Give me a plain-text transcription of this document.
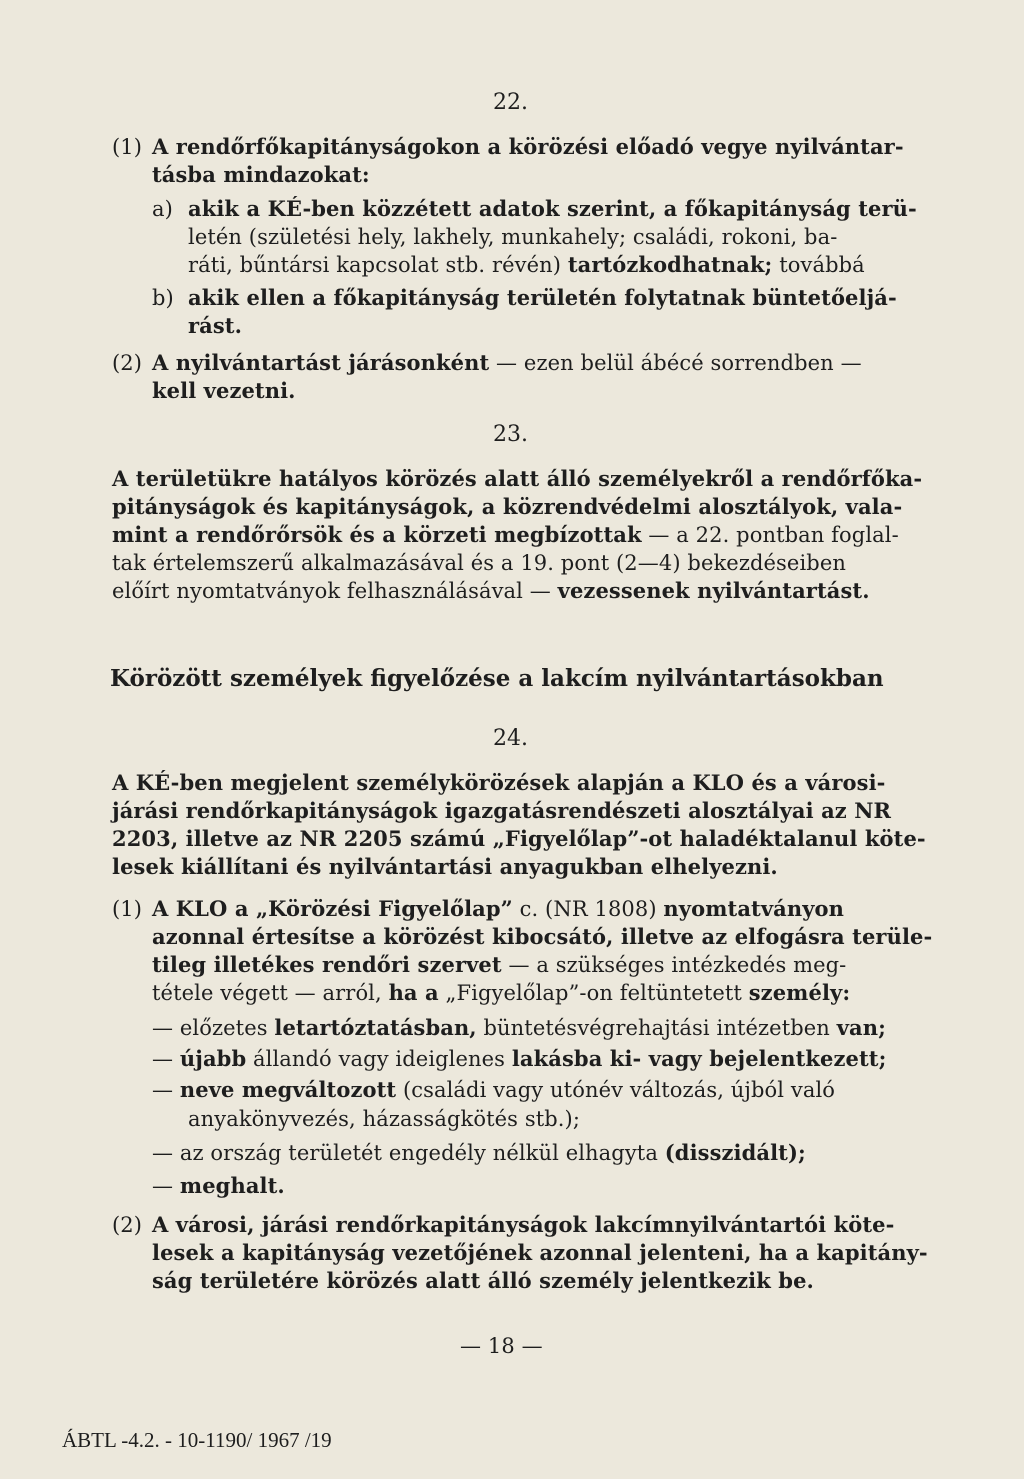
22.
(1) A rendőrfőkapitányságokon a körözési előadó vegye nyilvántar-
tásba mindazokat:
a) akik a KÉ-ben közzétett adatok szerint, a főkapitányság terü-
letén (születési hely, lakhely, munkahely; családi, rokoni, ba-
ráti, bűntársi kapcsolat stb. révén) tartózkodhatnak; továbbá
b) akik ellen a főkapitányság területén folytatnak büntetőeljá-
rást.
(2) A nyilvántartást járásonként — ezen belül ábécé sorrendben —
kell vezetni.
23.
A területükre hatályos körözés alatt álló személyekről a rendőrfőka-
pitányságok és kapitányságok, a közrendvédelmi alosztályok, vala-
mint a rendőrőrsök és a körzeti megbízottak — a 22. pontban foglal-
tak értelemszerű alkalmazásával és a 19. pont (2—4) bekezdéseiben
előírt nyomtatványok felhasználásával — vezessenek nyilvántartást.
Körözött személyek figyelőzése a lakcím nyilvántartásokban
24.
A KÉ-ben megjelent személykörözések alapján a KLO és a városi-
járási rendőrkapitányságok igazgatásrendészeti alosztályai az NR
2203, illetve az NR 2205 számú „Figyelőlap”-ot haladéktalanul köte-
lesek kiállítani és nyilvántartási anyagukban elhelyezni.
(1) A KLO a „Körözési Figyelőlap” c. (NR 1808) nyomtatványon
azonnal értesítse a körözést kibocsátó, illetve az elfogásra terüle-
tileg illetékes rendőri szervet — a szükséges intézkedés meg-
tétele végett — arról, ha a „Figyelőlap”-on feltüntetett személy:
— előzetes letartóztatásban, büntetésvégrehajtási intézetben van;
— újabb állandó vagy ideiglenes lakásba ki- vagy bejelentkezett;
— neve megváltozott (családi vagy utónév változás, újból való
anyakönyvezés, házasságkötés stb.);
— az ország területét engedély nélkül elhagyta (disszidált);
— meghalt.
(2) A városi, járási rendőrkapitányságok lakcímnyilvántartói köte-
lesek a kapitányság vezetőjének azonnal jelenteni, ha a kapitány-
ság területére körözés alatt álló személy jelentkezik be.
— 18 —
ÁBTL -4.2. - 10-1190/ 1967 /19
